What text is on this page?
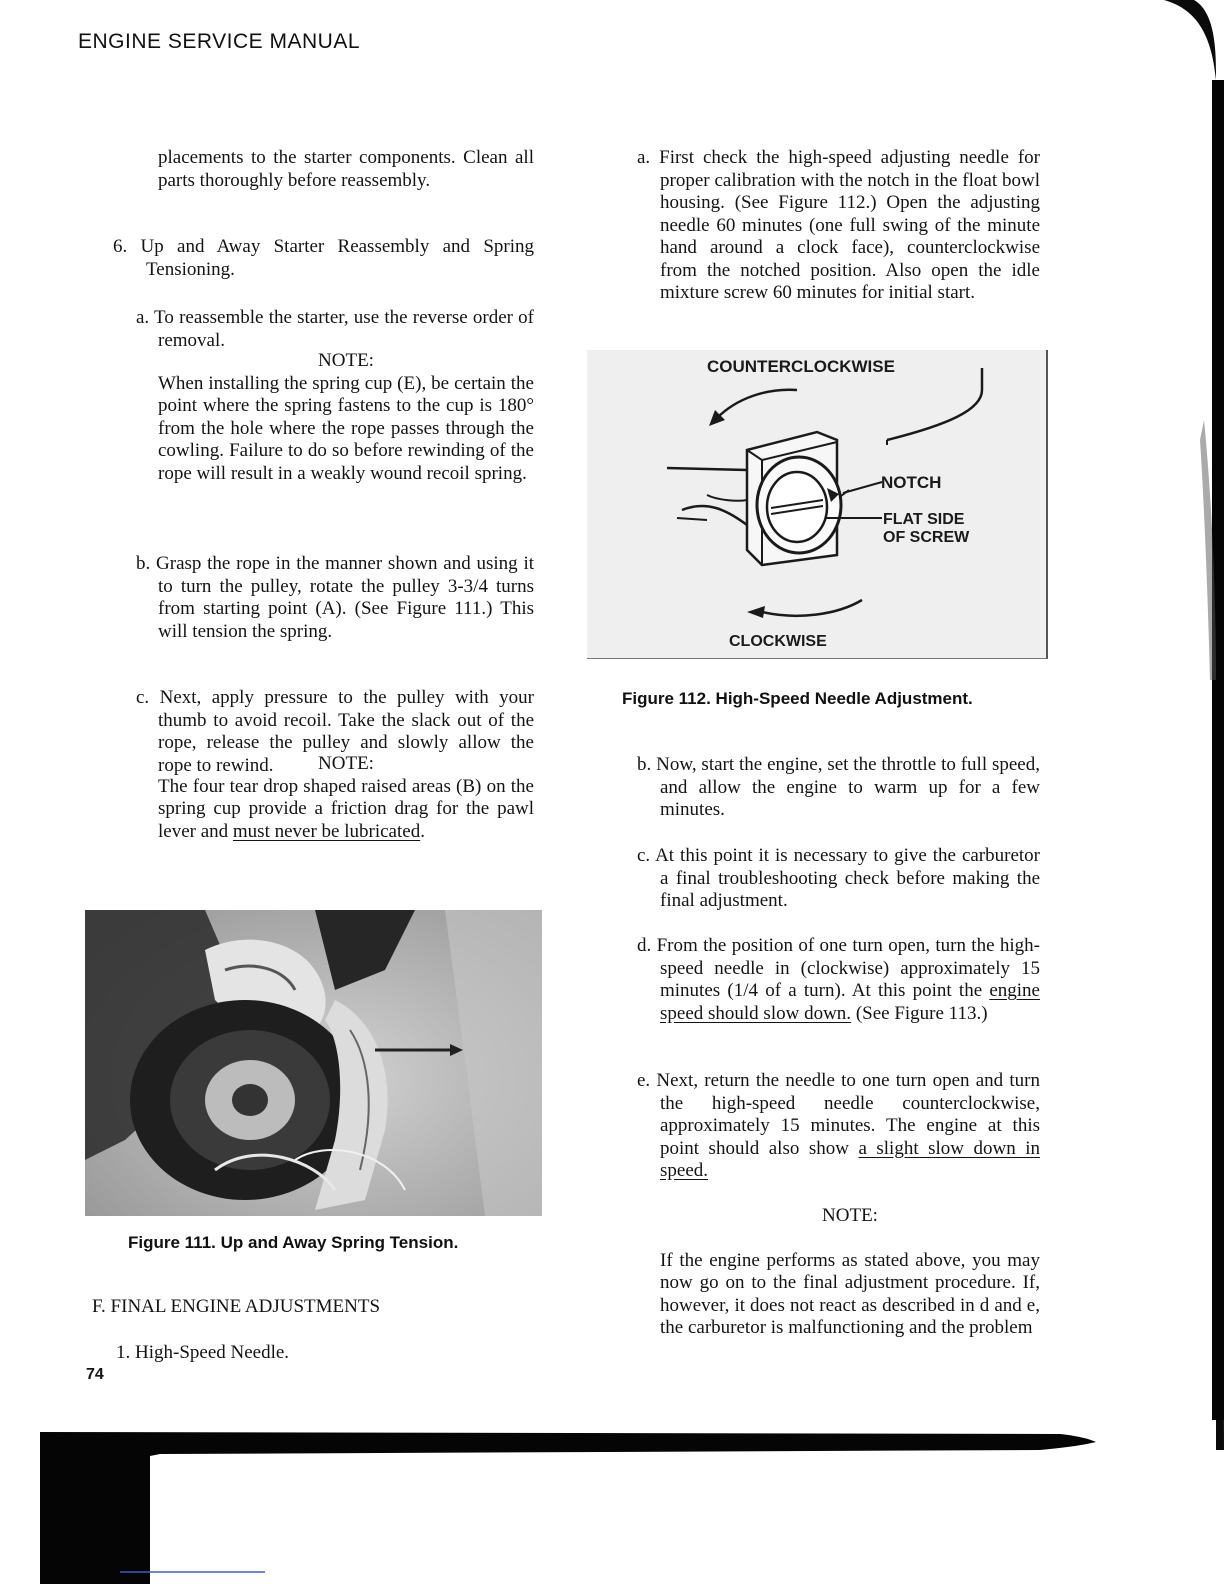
ENGINE SERVICE MANUAL

placements to the starter components. Clean all parts thoroughly before reassembly.

6. Up and Away Starter Reassembly and Spring Tensioning.

a. To reassemble the starter, use the reverse order of removal.

NOTE:

When installing the spring cup (E), be certain the point where the spring fastens to the cup is 180° from the hole where the rope passes through the cowling. Failure to do so before rewinding of the rope will result in a weakly wound recoil spring.

b. Grasp the rope in the manner shown and using it to turn the pulley, rotate the pulley 3-3/4 turns from starting point (A). (See Figure 111.) This will tension the spring.

c. Next, apply pressure to the pulley with your thumb to avoid recoil. Take the slack out of the rope, release the pulley and slowly allow the rope to rewind.	NOTE:

The four tear drop shaped raised areas (B) on the spring cup provide a friction drag for the pawl lever and must never be lubricated.

Figure 111. Up and Away Spring Tension.

F. FINAL ENGINE ADJUSTMENTS

1. High-Speed Needle.

74

a. First check the high-speed adjusting needle for proper calibration with the notch in the float bowl housing. (See Figure 112.) Open the adjusting needle 60 minutes (one full swing of the minute hand around a clock face), counterclockwise from the notched position. Also open the idle mixture screw 60 minutes for initial start.

COUNTERCLOCKWISE
NOTCH
FLAT SIDE
OF SCREW
CLOCKWISE
Figure 112. High-Speed Needle Adjustment.

b. Now, start the engine, set the throttle to full speed, and allow the engine to warm up for a few minutes.

c. At this point it is necessary to give the carburetor a final troubleshooting check before making the final adjustment.

d. From the position of one turn open, turn the high-speed needle in (clockwise) approximately 15 minutes (1/4 of a turn). At this point the engine speed should slow down. (See Figure 113.)

e. Next, return the needle to one turn open and turn the high-speed needle counterclockwise, approximately 15 minutes. The engine at this point should also show a slight slow down in speed.

NOTE:

If the engine performs as stated above, you may now go on to the final adjustment procedure. If, however, it does not react as described in d and e, the carburetor is malfunctioning and the problem
